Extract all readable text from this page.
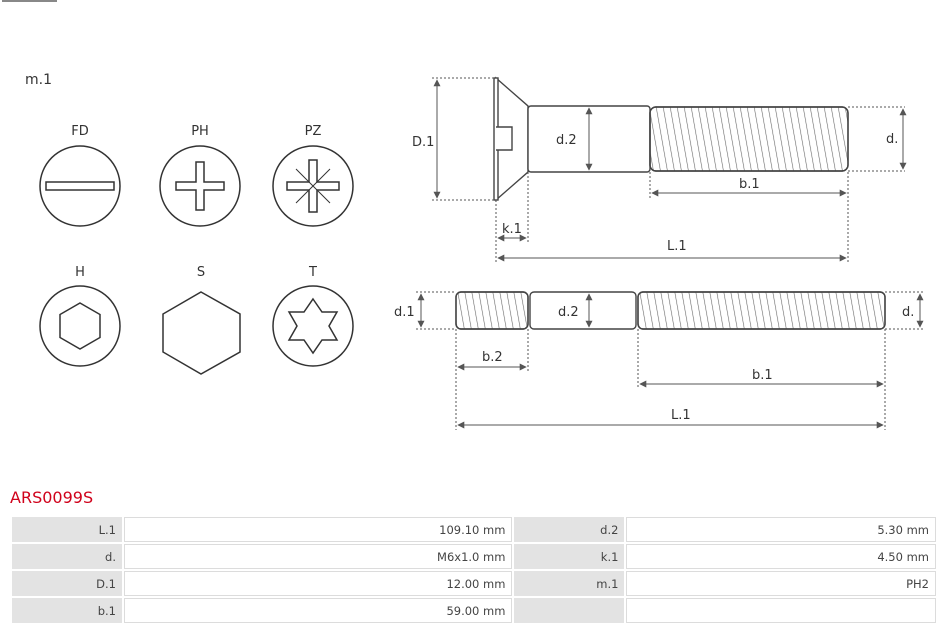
m.1
FD	PH	PZ
H	S	T
D.1	d.2	d.
b.1
k.1
L.1
d.1	d.2	d.
b.2
b.1
L.1
ARS0099S
L.1	109.10 mm	d.2	5.30 mm
d.	M6x1.0 mm	k.1	4.50 mm
D.1	12.00 mm	m.1	PH2
b.1	59.00 mm		
